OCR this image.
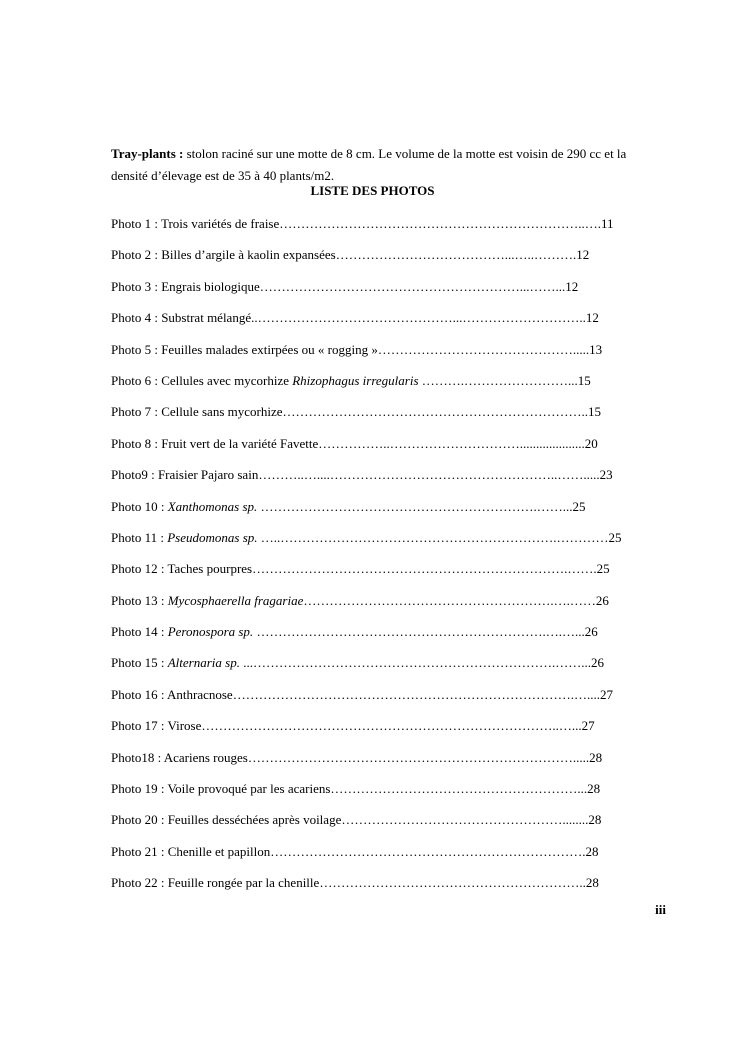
Tray-plants : stolon raciné sur une motte de 8 cm. Le volume de la motte est voisin de 290 cc et la densité d’élevage est de 35 à 40 plants/m2.

LISTE DES PHOTOS
Photo 1 : Trois variétés de fraise……………………………………………………………..….11
Photo 2 : Billes d’argile à kaolin expansées…………………………………...…..……….12
Photo 3 : Engrais biologique……………………………………………………...……...12
Photo 4 : Substrat mélangé..………………………………………...………………………..12
Photo 5 : Feuilles malades extirpées ou « rogging »……………………………………….....13
Photo 6 : Cellules avec mycorhize Rhizophagus irregularis ……….……………………...15
Photo 7 : Cellule sans mycorhize……………………………………………………………..15
Photo 8 : Fruit vert de la variété Favette……………..…………………………....................20
Photo9 : Fraisier Pajaro sain………..…....……………………………………………..…….....23
Photo 10 : Xanthomonas sp. ……………………………………………………….……...25
Photo 11 : Pseudomonas sp. …..……………………………………………………….…………25
Photo 12 : Taches pourpres……………………………………………………………….…….25
Photo 13 : Mycosphaerella fragariae………………………………………………….….……26
Photo 14 : Peronospora sp. ………………………………………………………….….…...26
Photo 15 : Alternaria sp. ...…………………………………………………………….……...26
Photo 16 : Anthracnose…………………………………………………………………….…....27
Photo 17 : Virose………………………………………………………………………..…...27
Photo18 : Acariens rouges………………………………………………………………….....28
Photo 19 : Voile provoqué par les acariens…………………………………………………...28
Photo 20 : Feuilles desséchées après voilage……………………………………………........28
Photo 21 : Chenille et papillon……………………………………………………………….28
Photo 22 : Feuille rongée par la chenille……………………………………………………..28
iii
